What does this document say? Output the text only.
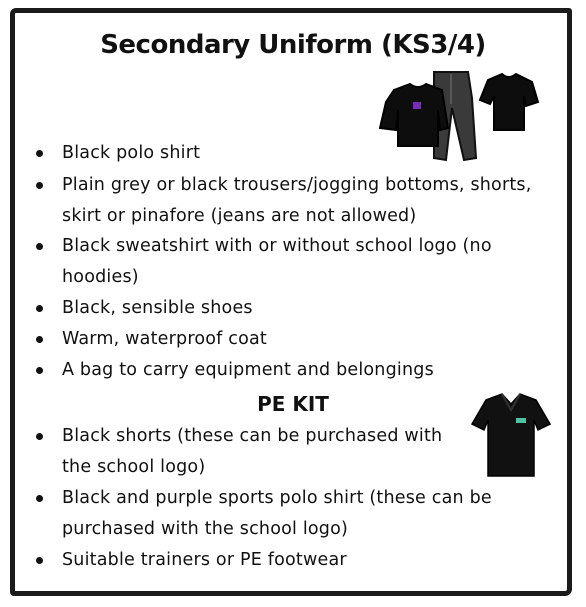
Secondary Uniform (KS3/4)
Black polo shirt
Plain grey or black trousers/jogging bottoms, shorts, skirt or pinafore (jeans are not allowed)
Black sweatshirt with or without school logo (no hoodies)
Black, sensible shoes
Warm, waterproof coat
A bag to carry equipment and belongings
PE KIT
Black shorts (these can be purchased with the school logo)
Black and purple sports polo shirt (these can be purchased with the school logo)
Suitable trainers or PE footwear
